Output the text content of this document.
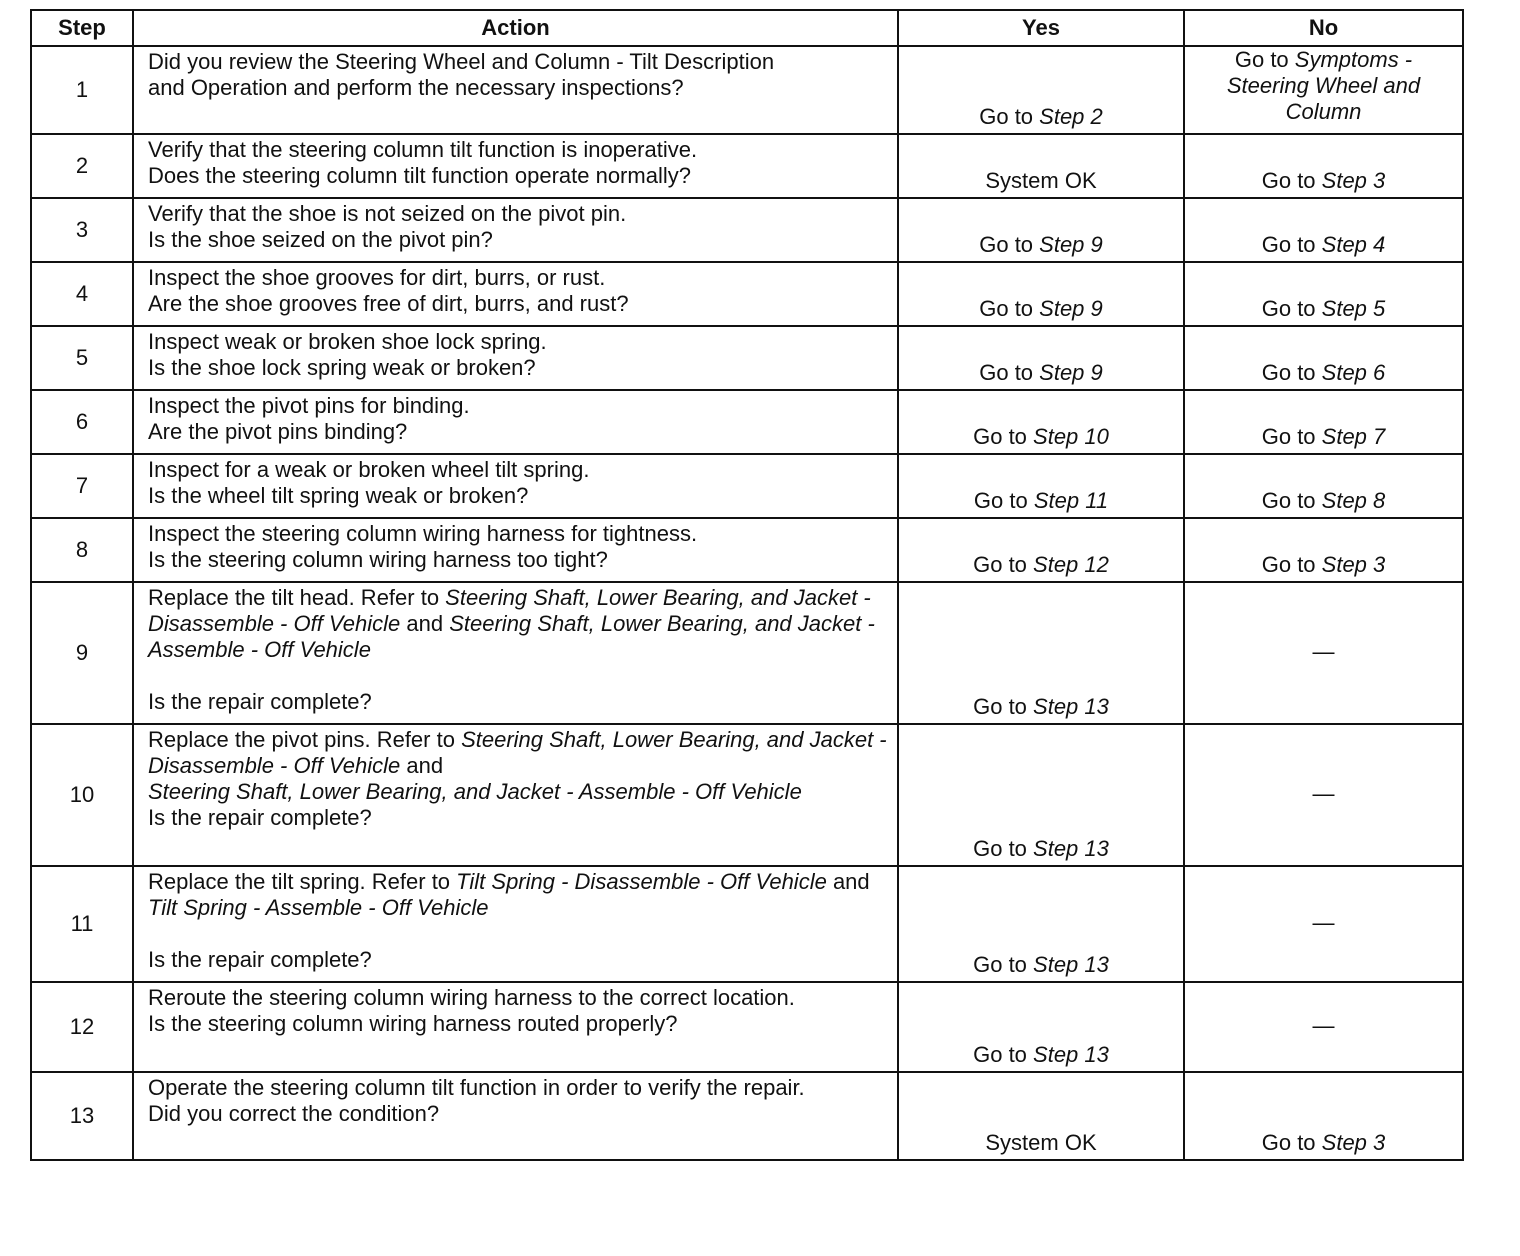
Step	Action	Yes	No
1	Did you review the Steering Wheel and Column - Tilt Description
and Operation and perform the necessary inspections?	Go to Step 2	Go to Symptoms -
Steering Wheel and
Column
2	Verify that the steering column tilt function is inoperative.
Does the steering column tilt function operate normally?	System OK	Go to Step 3
3	Verify that the shoe is not seized on the pivot pin.
Is the shoe seized on the pivot pin?	Go to Step 9	Go to Step 4
4	Inspect the shoe grooves for dirt, burrs, or rust.
Are the shoe grooves free of dirt, burrs, and rust?	Go to Step 9	Go to Step 5
5	Inspect weak or broken shoe lock spring.
Is the shoe lock spring weak or broken?	Go to Step 9	Go to Step 6
6	Inspect the pivot pins for binding.
Are the pivot pins binding?	Go to Step 10	Go to Step 7
7	Inspect for a weak or broken wheel tilt spring.
Is the wheel tilt spring weak or broken?	Go to Step 11	Go to Step 8
8	Inspect the steering column wiring harness for tightness.
Is the steering column wiring harness too tight?	Go to Step 12	Go to Step 3
9	Replace the tilt head. Refer to Steering Shaft, Lower Bearing, and Jacket - Disassemble - Off Vehicle and Steering Shaft, Lower Bearing, and Jacket - Assemble - Off Vehicle
Is the repair complete?	Go to Step 13	—
10	Replace the pivot pins. Refer to Steering Shaft, Lower Bearing, and Jacket - Disassemble - Off Vehicle and
Steering Shaft, Lower Bearing, and Jacket - Assemble - Off Vehicle
Is the repair complete?	Go to Step 13	—
11	Replace the tilt spring. Refer to Tilt Spring - Disassemble - Off Vehicle and Tilt Spring - Assemble - Off Vehicle
Is the repair complete?	Go to Step 13	—
12	Reroute the steering column wiring harness to the correct location.
Is the steering column wiring harness routed properly?	Go to Step 13	—
13	Operate the steering column tilt function in order to verify the repair.
Did you correct the condition?	System OK	Go to Step 3
